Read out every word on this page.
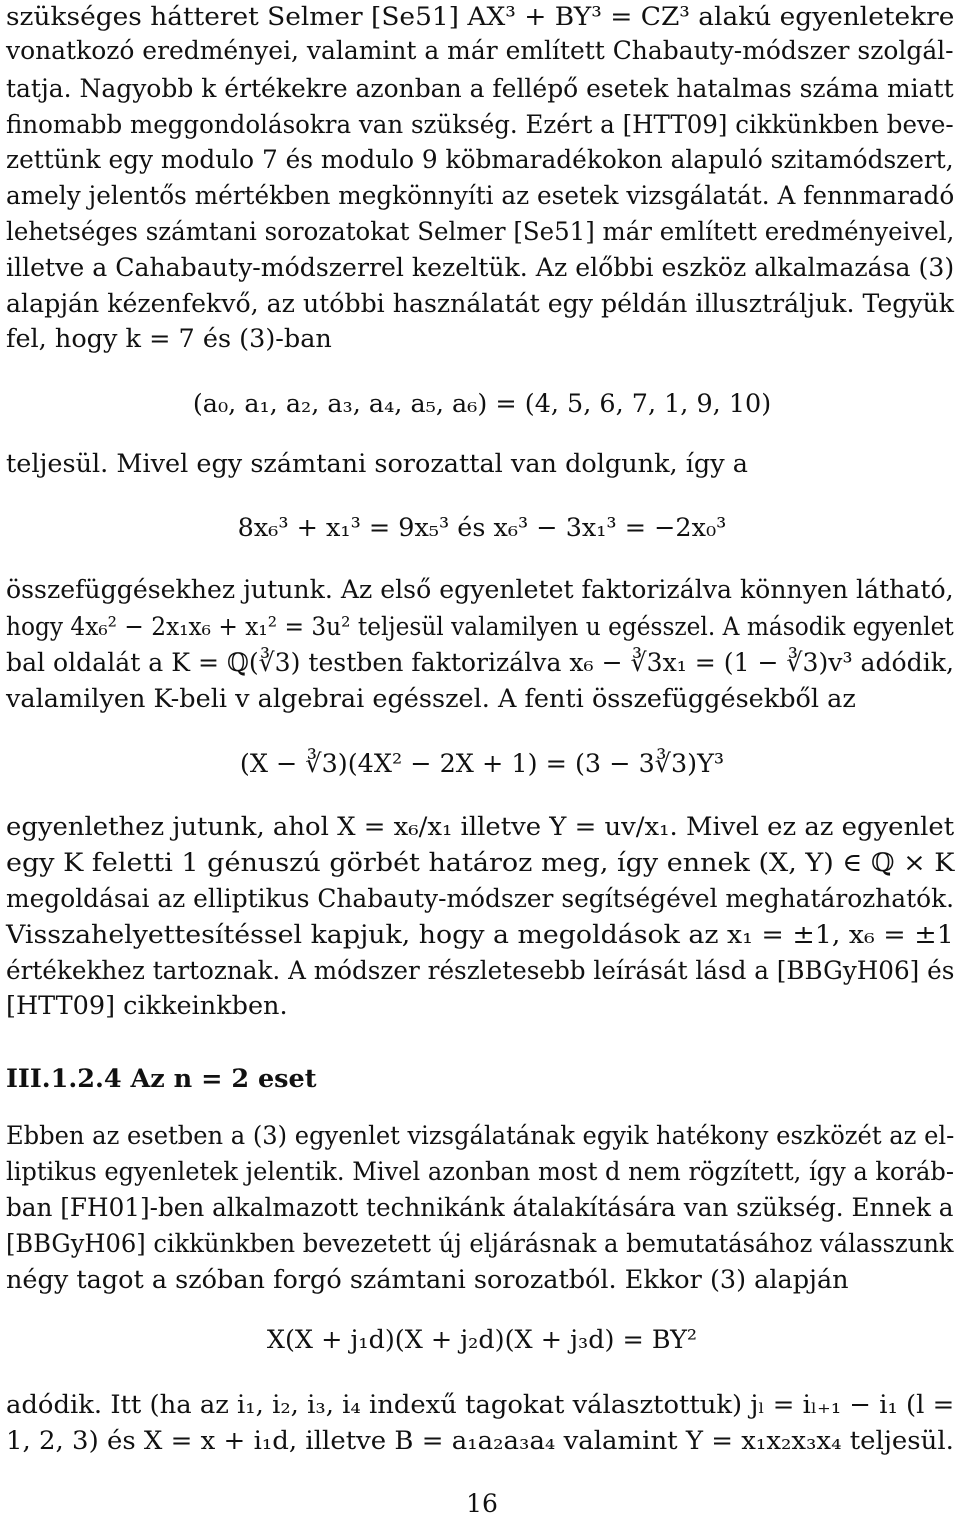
szükséges hátteret Selmer [Se51] AX³ + BY³ = CZ³ alakú egyenletekre
vonatkozó eredményei, valamint a már említett Chabauty-módszer szolgál-
tatja. Nagyobb k értékekre azonban a fellépő esetek hatalmas száma miatt
finomabb meggondolásokra van szükség. Ezért a [HTT09] cikkünkben beve-
zettünk egy modulo 7 és modulo 9 köbmaradékokon alapuló szitamódszert,
amely jelentős mértékben megkönnyíti az esetek vizsgálatát. A fennmaradó
lehetséges számtani sorozatokat Selmer [Se51] már említett eredményeivel,
illetve a Cahabauty-módszerrel kezeltük. Az előbbi eszköz alkalmazása (3)
alapján kézenfekvő, az utóbbi használatát egy példán illusztráljuk. Tegyük
fel, hogy k = 7 és (3)-ban
(a₀, a₁, a₂, a₃, a₄, a₅, a₆) = (4, 5, 6, 7, 1, 9, 10)
teljesül. Mivel egy számtani sorozattal van dolgunk, így a
8x₆³ + x₁³ = 9x₅³ és x₆³ − 3x₁³ = −2x₀³
összefüggésekhez jutunk. Az első egyenletet faktorizálva könnyen látható,
hogy 4x₆² − 2x₁x₆ + x₁² = 3u² teljesül valamilyen u egésszel. A második egyenlet
bal oldalát a K = ℚ(∛3) testben faktorizálva x₆ − ∛3x₁ = (1 − ∛3)v³ adódik,
valamilyen K-beli v algebrai egésszel. A fenti összefüggésekből az
(X − ∛3)(4X² − 2X + 1) = (3 − 3∛3)Y³
egyenlethez jutunk, ahol X = x₆/x₁ illetve Y = uv/x₁. Mivel ez az egyenlet
egy K feletti 1 génuszú görbét határoz meg, így ennek (X, Y) ∈ ℚ × K
megoldásai az elliptikus Chabauty-módszer segítségével meghatározhatók.
Visszahelyettesítéssel kapjuk, hogy a megoldások az x₁ = ±1, x₆ = ±1
értékekhez tartoznak. A módszer részletesebb leírását lásd a [BBGyH06] és
[HTT09] cikkeinkben.
III.1.2.4 Az n = 2 eset
Ebben az esetben a (3) egyenlet vizsgálatának egyik hatékony eszközét az el-
liptikus egyenletek jelentik. Mivel azonban most d nem rögzített, így a koráb-
ban [FH01]-ben alkalmazott technikánk átalakítására van szükség. Ennek a
[BBGyH06] cikkünkben bevezetett új eljárásnak a bemutatásához válasszunk
négy tagot a szóban forgó számtani sorozatból. Ekkor (3) alapján
X(X + j₁d)(X + j₂d)(X + j₃d) = BY²
adódik. Itt (ha az i₁, i₂, i₃, i₄ indexű tagokat választottuk) jₗ = iₗ₊₁ − i₁ (l =
1, 2, 3) és X = x + i₁d, illetve B = a₁a₂a₃a₄ valamint Y = x₁x₂x₃x₄ teljesül.
16
